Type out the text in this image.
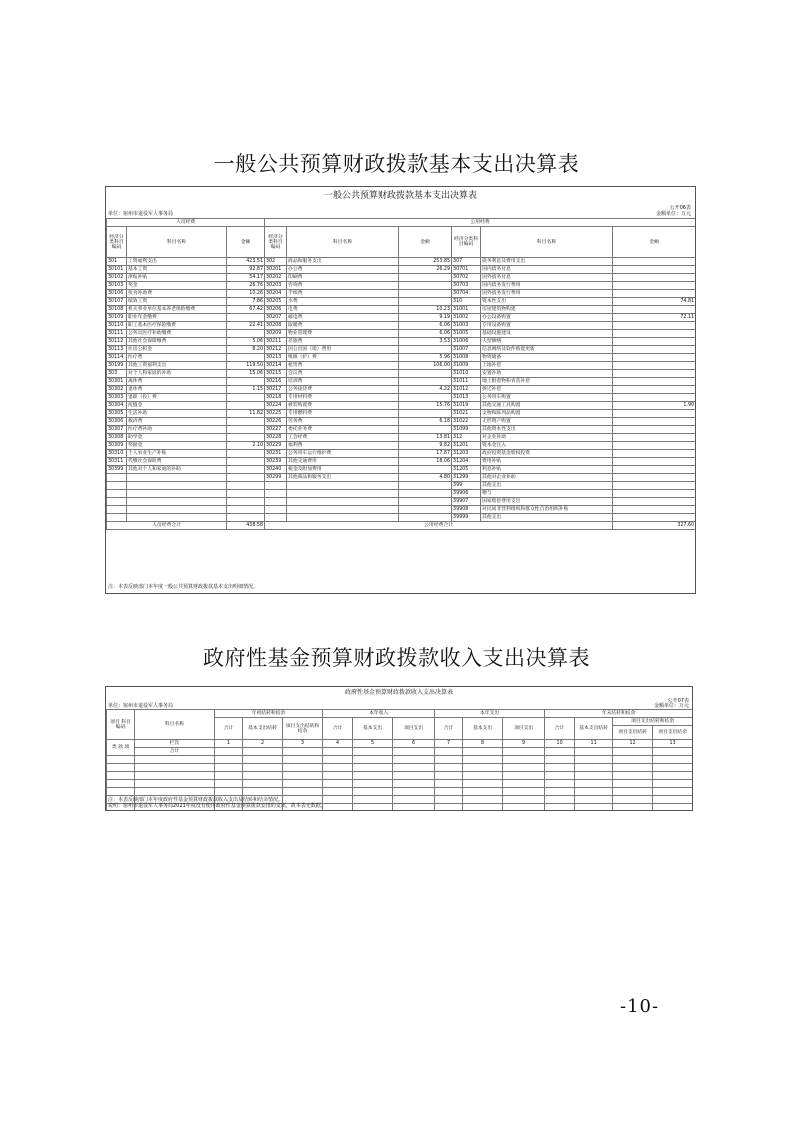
一般公共预算财政拨款基本支出决算表
一般公共预算财政拨款基本支出决算表
公开06表
单位：宿州市退役军人事务局	金额单位：万元
人员经费			公用经费					
经济分类科目编码	科目名称	金额	经济分类科目编码	科目名称	金额	经济分类科目编码	科目名称	金额
301	工资福利支出	423.51	302	商品和服务支出	253.85	307	债务利息及费用支出	
30101	基本工资	92.87	30201	办公费	26.29	30701	国内债务付息	
30102	津贴补贴	54.17	30202	印刷费		30702	国外债务付息	
30103	奖金	26.76	30203	咨询费		30703	国内债务发行费用	
30106	伙食补助费	10.26	30204	手续费		30704	国外债务发行费用	
30107	绩效工资	7.86	30205	水费		310	资本性支出	74.81
30108	机关事业单位基本养老保险缴费	67.42	30206	电费	10.23	31001	房屋建筑物购建	
30109	职业年金缴费		30207	邮电费	9.19	31002	办公设备购置	72.11
30110	职工基本医疗保险缴费	22.41	30208	取暖费	6.06	31003	专用设备购置	
30111	公务员医疗补助缴费		30209	物业管理费	6.06	31005	基础设施建设	
30112	其他社会保障缴费	5.06	30211	差旅费	3.53	31006	大型修缮	
30113	住房公积金	8.20	30212	因公出国（境）费用		31007	信息网络及软件购置更新	
30114	医疗费		30213	维修（护）费	5.96	31008	物资储备	
30199	其他工资福利支出	119.50	30214	租赁费	106.00	31009	土地补偿	
303	对个人和家庭的补助	15.06	30215	会议费		31010	安置补助	
30301	离休费		30216	培训费		31011	地上附着物和青苗补偿	
30302	退休费	1.15	30217	公务接待费	4.22	31012	拆迁补偿	
30303	退职（役）费		30218	专用材料费		31013	公务用车购置	
30304	抚恤金		30224	被装购置费	15.76	31019	其他交通工具购置	1.90
30305	生活补助	11.82	30225	专用燃料费		31021	文物和陈列品购置	
30306	救济费		30226	劳务费	6.18	31022	无形资产购置	
30307	医疗费补助		30227	委托业务费		31099	其他资本性支出	
30308	助学金		30228	工会经费	13.81	312	对企业补助	
30309	奖励金	2.10	30229	福利费	9.82	31201	资本金注入	
30310	个人农业生产补贴		30231	公务用车运行维护费	17.87	31203	政府投资基金股权投资	
30311	代缴社会保险费		30239	其他交通费用	18.06	31204	费用补贴	
30399	其他对个人和家庭的补助		30240	税金及附加费用		31205	利息补贴	
			30299	其他商品和服务支出	4.80	31299	其他对企业补助	
						399	其他支出	
						39906	赠与	
						39907	国家赔偿费用支出	
						39908	对民间非营利组织和群众性自治组织补贴	
						39999	其他支出	
人员经费合计		438.58	公用经费合计					327.60
注：本表反映部门本年度一般公共预算财政拨款基本支出明细情况。
政府性基金预算财政拨款收入支出决算表
政府性基金预算财政拨款收入支出决算表
公开07表
单位：宿州市退役军人事务局	金额单位：万元
项目 科目编码	科目名称	年初结转和结余			本年收入			本年支出			年末结转和结余			
		合计	基本支出结转	项目支出结转和结余	合计	基本支出	项目支出	合计	基本支出	项目支出	合计	基本支出结转	项目支出结转和结余	
													项目支出结转	项目支出结余
类 款 项	栏次	1	2	3	4	5	6	7	8	9	10	11	12	13
	合计													

注：本表反映部门本年度政府性基金预算财政拨款收入支出及结转和结余情况。
说明：宿州市退役军人事务局2021年度没有使用政府性基金预算拨款安排的支出，故本表无数据。
-10-
